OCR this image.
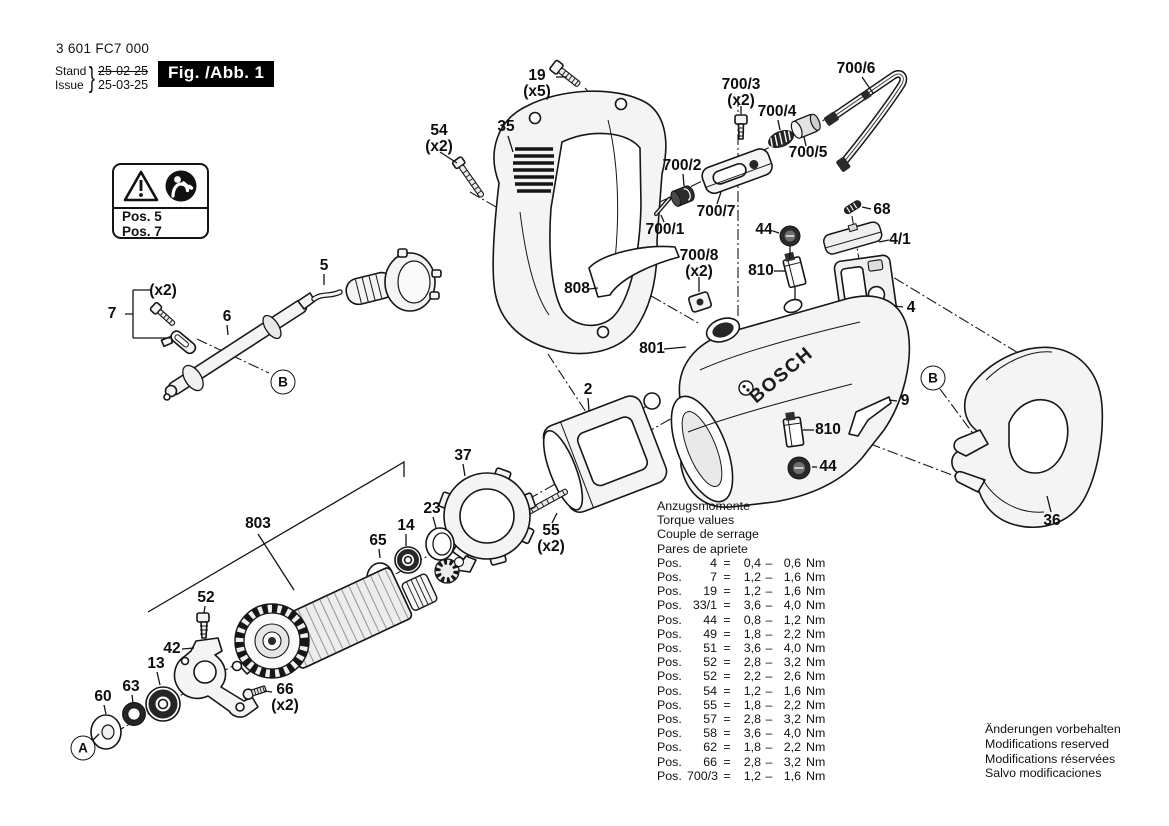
BOSCH
19
(x5)
35
54
(x2)
700/3
(x2)
700/4
700/6
700/5
700/2
700/7
700/1
68
44
4/1
810
700/8
(x2)
808
801
4
9
810
44
36
2
37
55
(x2)
23
14
65
803
52
42
13
63
60	66
(x2)
5
6
7
(x2)
A
B	B
3 601 FC7 000
Stand
Issue } 25-02-25
25-03-25
Fig. /Abb. 1
Pos. 5
Pos. 7
Anzugsmomente
Torque values
Couple de serrage
Pares de apriete
Pos.	4 =	0,4 – 0,6 Nm
Pos.	7 =	1,2 – 1,6 Nm
Pos.	19 =	1,2 – 1,6 Nm
Pos. 33/1 =	3,6 – 4,0 Nm
Pos.	44 =	0,8 – 1,2 Nm
Pos.	49 =	1,8 – 2,2 Nm
Pos.	51 =	3,6 – 4,0 Nm
Pos.	52 =	2,8 – 3,2 Nm
Pos.	52 =	2,2 – 2,6 Nm
Pos.	54 =	1,2 – 1,6 Nm
Pos.	55 =	1,8 – 2,2 Nm
Pos.	57 =	2,8 – 3,2 Nm
Pos.	58 =	3,6 – 4,0 Nm
Pos.	62 =	1,8 – 2,2 Nm
Pos.	66 =	2,8 – 3,2 Nm
Pos. 700/3 =	1,2 – 1,6 Nm
Änderungen vorbehalten
Modifications reserved
Modifications réservées
Salvo modificaciones
